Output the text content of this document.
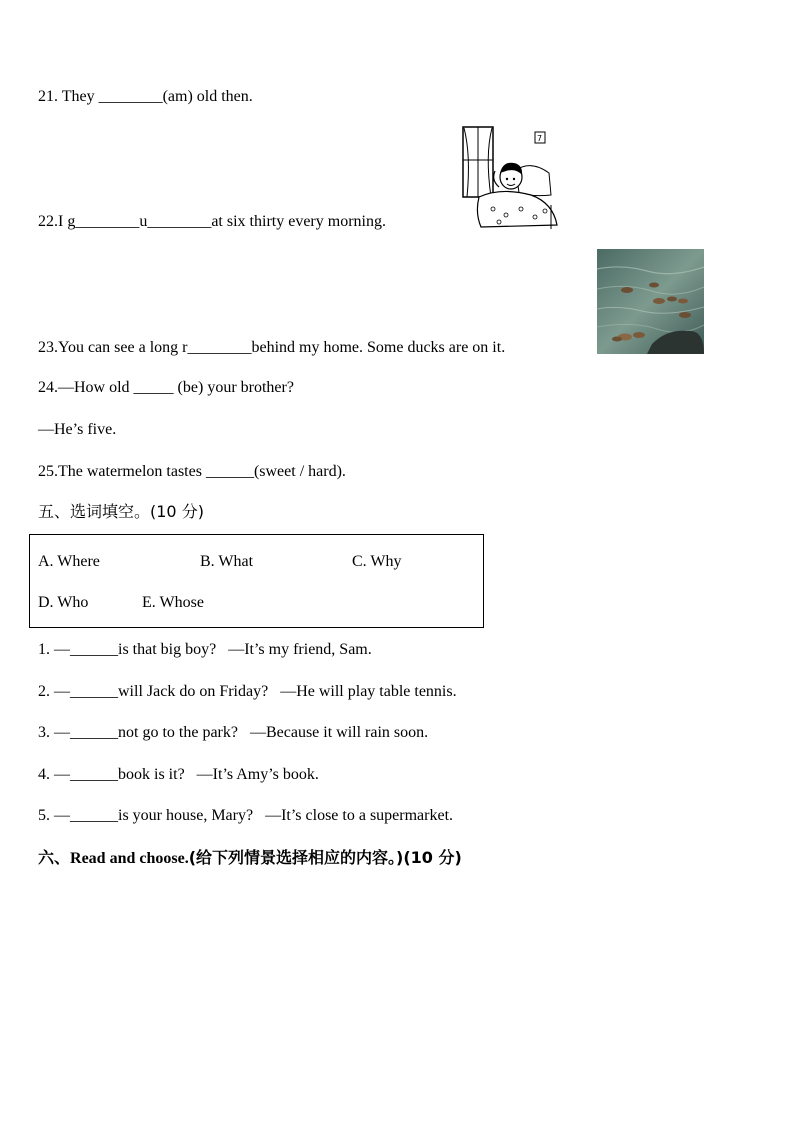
21. They ________(am) old then.
7
22.I g________u________at six thirty every morning.
23.You can see a long r________behind my home. Some ducks are on it.
24.—How old _____ (be) your brother?
—He’s five.
25.The watermelon tastes ______(sweet / hard).
五、选词填空。(10 分)
A. Where	B. What	C. Why
D. Who	E. Whose
1. —______is that big boy?   —It’s my friend, Sam.
2. —______will Jack do on Friday?   —He will play table tennis.
3. —______not go to the park?   —Because it will rain soon.
4. —______book is it?   —It’s Amy’s book.
5. —______is your house, Mary?   —It’s close to a supermarket.
六、Read and choose.(给下列情景选择相应的内容。)(10 分)
